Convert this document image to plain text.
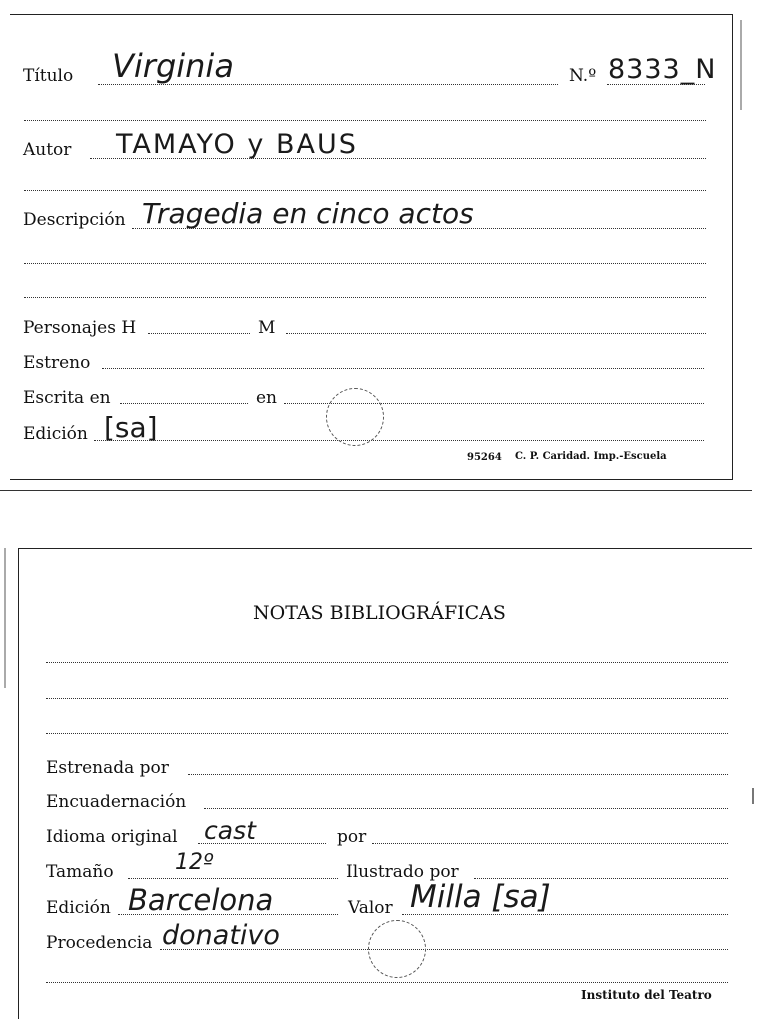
Título Virginia	N.º 8333_N
Autor TAMAYO y BAUS
Descripción Tragedia en cinco actos
Personajes H	M
Estreno
Escrita en	en
Edición [sa]
95264 C. P. Caridad. Imp.-Escuela
NOTAS BIBLIOGRÁFICAS
Estrenada por
Encuadernación
Idioma original cast	por
Tamaño	12º	Ilustrado por
Edición Barcelona	Valor Milla [sa]
Procedencia donativo
Instituto del Teatro
